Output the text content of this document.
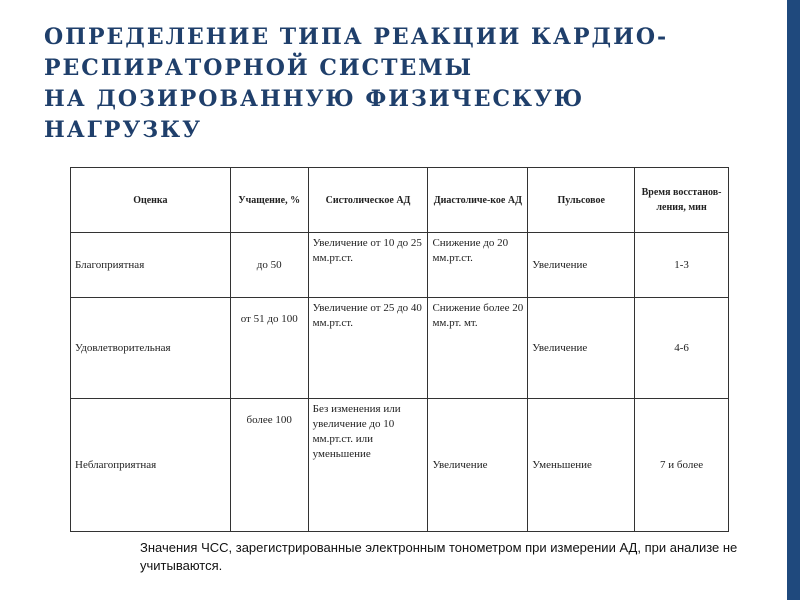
ОПРЕДЕЛЕНИЕ ТИПА РЕАКЦИИ КАРДИО-
РЕСПИРАТОРНОЙ СИСТЕМЫ
НА ДОЗИРОВАННУЮ ФИЗИЧЕСКУЮ
НАГРУЗКУ
Оценка	Учащение, %	Систолическое АД	Диастоличе-кое АД	Пульсовое	Время восстанов-ления, мин
Благоприятная	до 50	Увеличение от 10 до 25 мм.рт.ст.	Снижение до 20 мм.рт.ст.	Увеличение	1-3
Удовлетворительная	от 51 до 100	Увеличение от 25 до 40 мм.рт.ст.	Снижение более 20 мм.рт. мт.	Увеличение	4-6
Неблагоприятная	более 100	Без изменения или увеличение до 10 мм.рт.ст. или уменьшение	Увеличение	Уменьшение	7 и более

Значения ЧСС, зарегистрированные электронным тонометром при измерении АД, при анализе не учитываются.
